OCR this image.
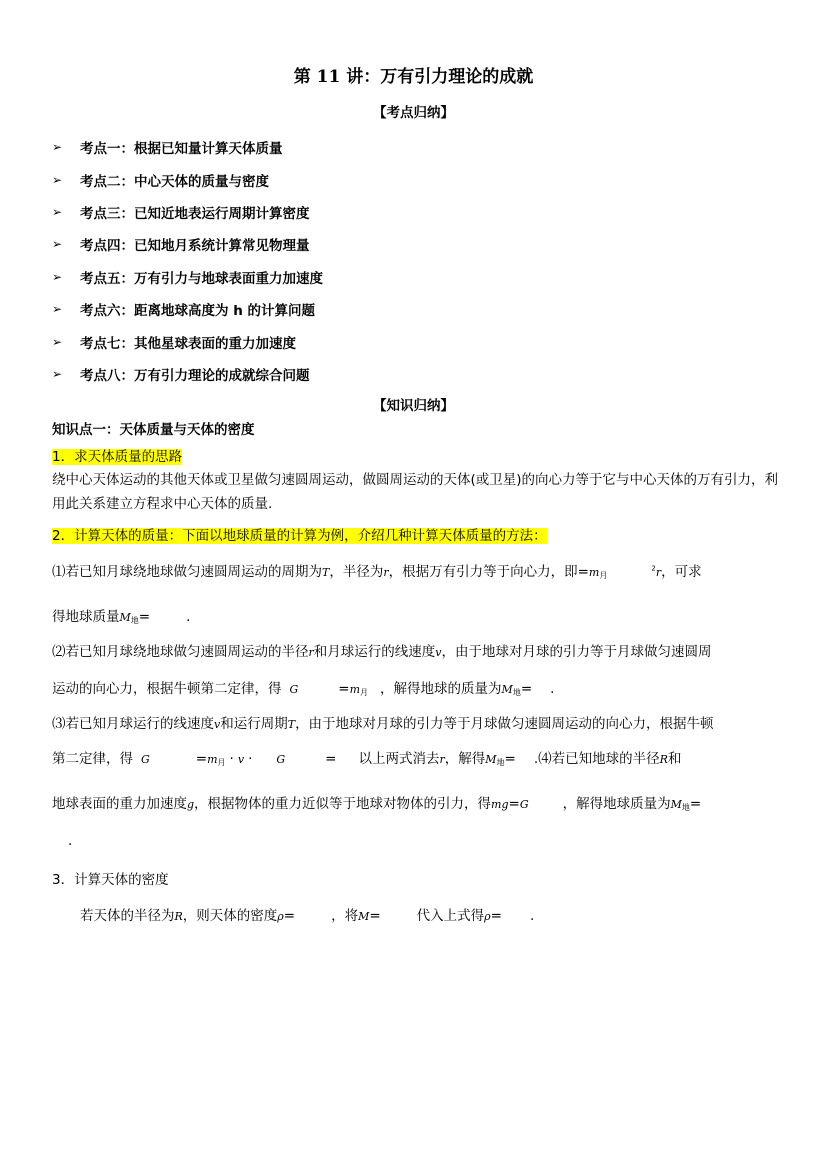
第 11 讲：万有引力理论的成就
【考点归纳】
➢	考点一：根据已知量计算天体质量
➢	考点二：中心天体的质量与密度
➢	考点三：已知近地表运行周期计算密度
➢	考点四：已知地月系统计算常见物理量
➢	考点五：万有引力与地球表面重力加速度
➢	考点六：距离地球高度为 h 的计算问题
➢	考点七：其他星球表面的重力加速度
➢	考点八：万有引力理论的成就综合问题
【知识归纳】
知识点一：天体质量与天体的密度
1．求天体质量的思路
绕中心天体运动的其他天体或卫星做匀速圆周运动，做圆周运动的天体(或卫星)的向心力等于它与中心天体的万有引力，利用此关系建立方程求中心天体的质量.
2．计算天体的质量：下面以地球质量的计算为例，介绍几种计算天体质量的方法：
⑴若已知月球绕地球做匀速圆周运动的周期为T，半径为r，根据万有引力等于向心力，即$=m_月^2r$，可求
得地球质量$M_地=$	.
⑵若已知月球绕地球做匀速圆周运动的半径r和月球运行的线速度v，由于地球对月球的引力等于月球做匀速圆周
运动的向心力，根据牛顿第二定律，得 G	$=m_月$ ，解得地球的质量为$M_地=$ .
⑶若已知月球运行的线速度v和运行周期T，由于地球对月球的引力等于月球做匀速圆周运动的向心力，根据牛顿
第二定律，得 G	$=m_月 \cdot v \cdot G$	= 以上两式消去r，解得$M_地=$ .⑷若已知地球的半径R和
地球表面的重力加速度g，根据物体的重力近似等于地球对物体的引力，得mg=G	，解得地球质量为$M_地=$
.
3．计算天体的密度
若天体的半径为R，则天体的密度ρ=	，将M=	代入上式得ρ= .
